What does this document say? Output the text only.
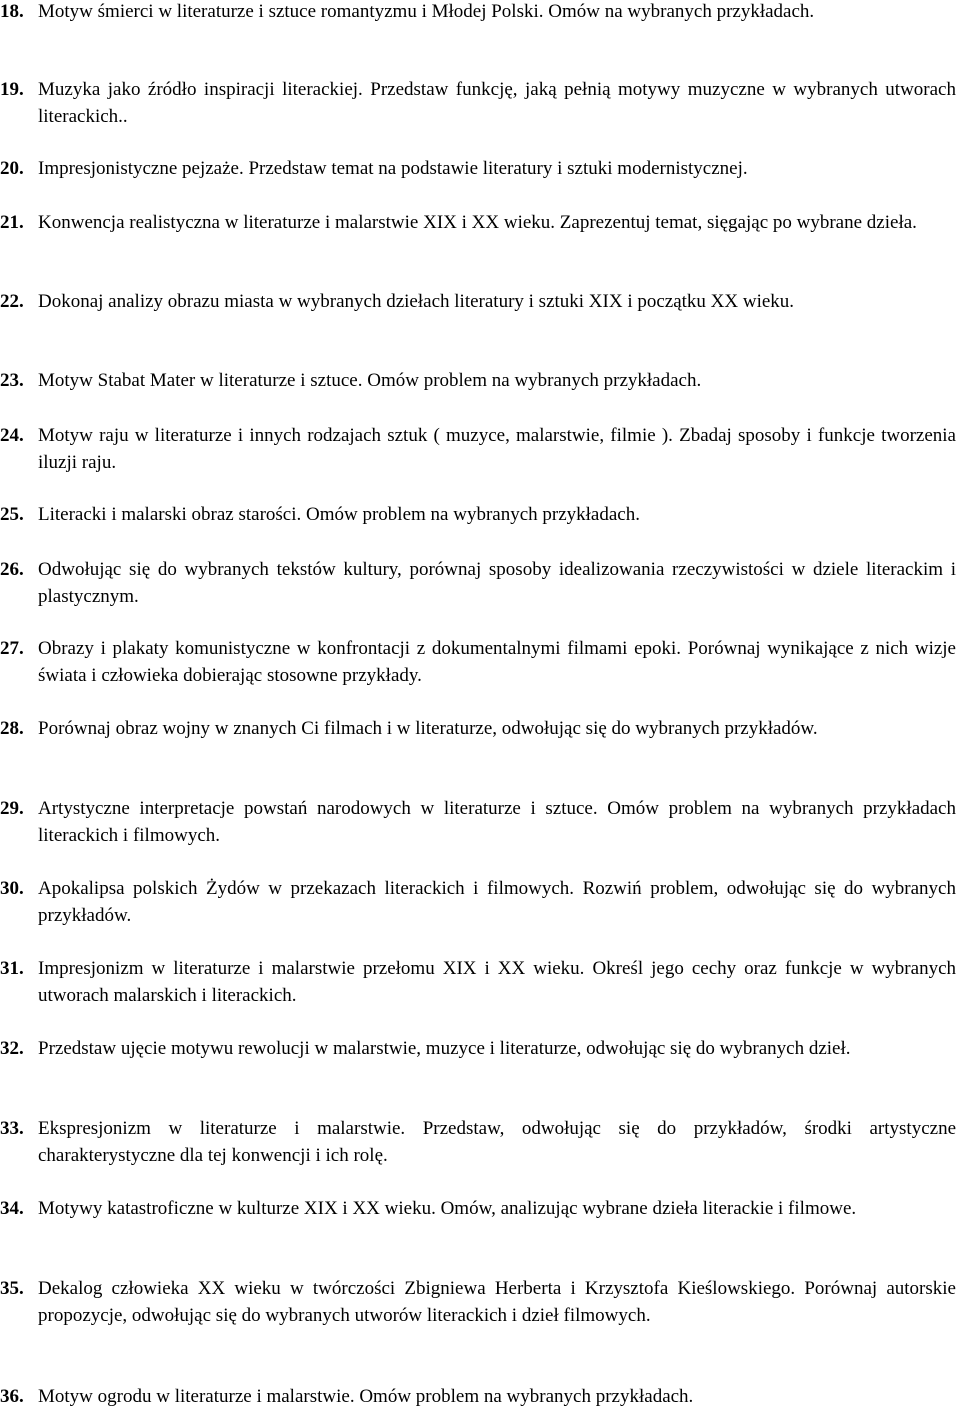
18. Motyw śmierci w literaturze i sztuce romantyzmu i Młodej Polski. Omów na wybranych przykładach.
19. Muzyka jako źródło inspiracji literackiej. Przedstaw funkcję, jaką pełnią motywy muzyczne w wybranych utworach literackich..
20. Impresjonistyczne pejzaże. Przedstaw temat na podstawie literatury i sztuki modernistycznej.
21. Konwencja realistyczna w literaturze i malarstwie XIX i XX wieku. Zaprezentuj temat, sięgając po wybrane dzieła.
22. Dokonaj analizy obrazu miasta w wybranych dziełach literatury i sztuki XIX i początku XX wieku.
23. Motyw Stabat Mater w literaturze i sztuce. Omów problem na wybranych przykładach.
24. Motyw raju w literaturze i innych rodzajach sztuk ( muzyce, malarstwie, filmie ). Zbadaj sposoby i funkcje tworzenia iluzji raju.
25. Literacki i malarski obraz starości. Omów problem na wybranych przykładach.
26. Odwołując się do wybranych tekstów kultury, porównaj sposoby idealizowania rzeczywistości w dziele literackim i plastycznym.
27. Obrazy i plakaty komunistyczne w konfrontacji z dokumentalnymi filmami epoki. Porównaj wynikające z nich wizje świata i człowieka dobierając stosowne przykłady.
28. Porównaj obraz wojny w znanych Ci filmach i w literaturze, odwołując się do wybranych przykładów.
29. Artystyczne interpretacje powstań narodowych w literaturze i sztuce. Omów problem na wybranych przykładach literackich i filmowych.
30. Apokalipsa polskich Żydów w przekazach literackich i filmowych. Rozwiń problem, odwołując się do wybranych przykładów.
31. Impresjonizm w literaturze i malarstwie przełomu XIX i XX wieku. Określ jego cechy oraz funkcje w wybranych utworach malarskich i literackich.
32. Przedstaw ujęcie motywu rewolucji w malarstwie, muzyce i literaturze, odwołując się do wybranych dzieł.
33. Ekspresjonizm w literaturze i malarstwie. Przedstaw, odwołując się do przykładów, środki artystyczne charakterystyczne dla tej konwencji i ich rolę.
34. Motywy katastroficzne w kulturze XIX i XX wieku. Omów, analizując wybrane dzieła literackie i filmowe.
35. Dekalog człowieka XX wieku w twórczości Zbigniewa Herberta i Krzysztofa Kieślowskiego. Porównaj autorskie propozycje, odwołując się do wybranych utworów literackich i dzieł filmowych.
36. Motyw ogrodu w literaturze i malarstwie. Omów problem na wybranych przykładach.
